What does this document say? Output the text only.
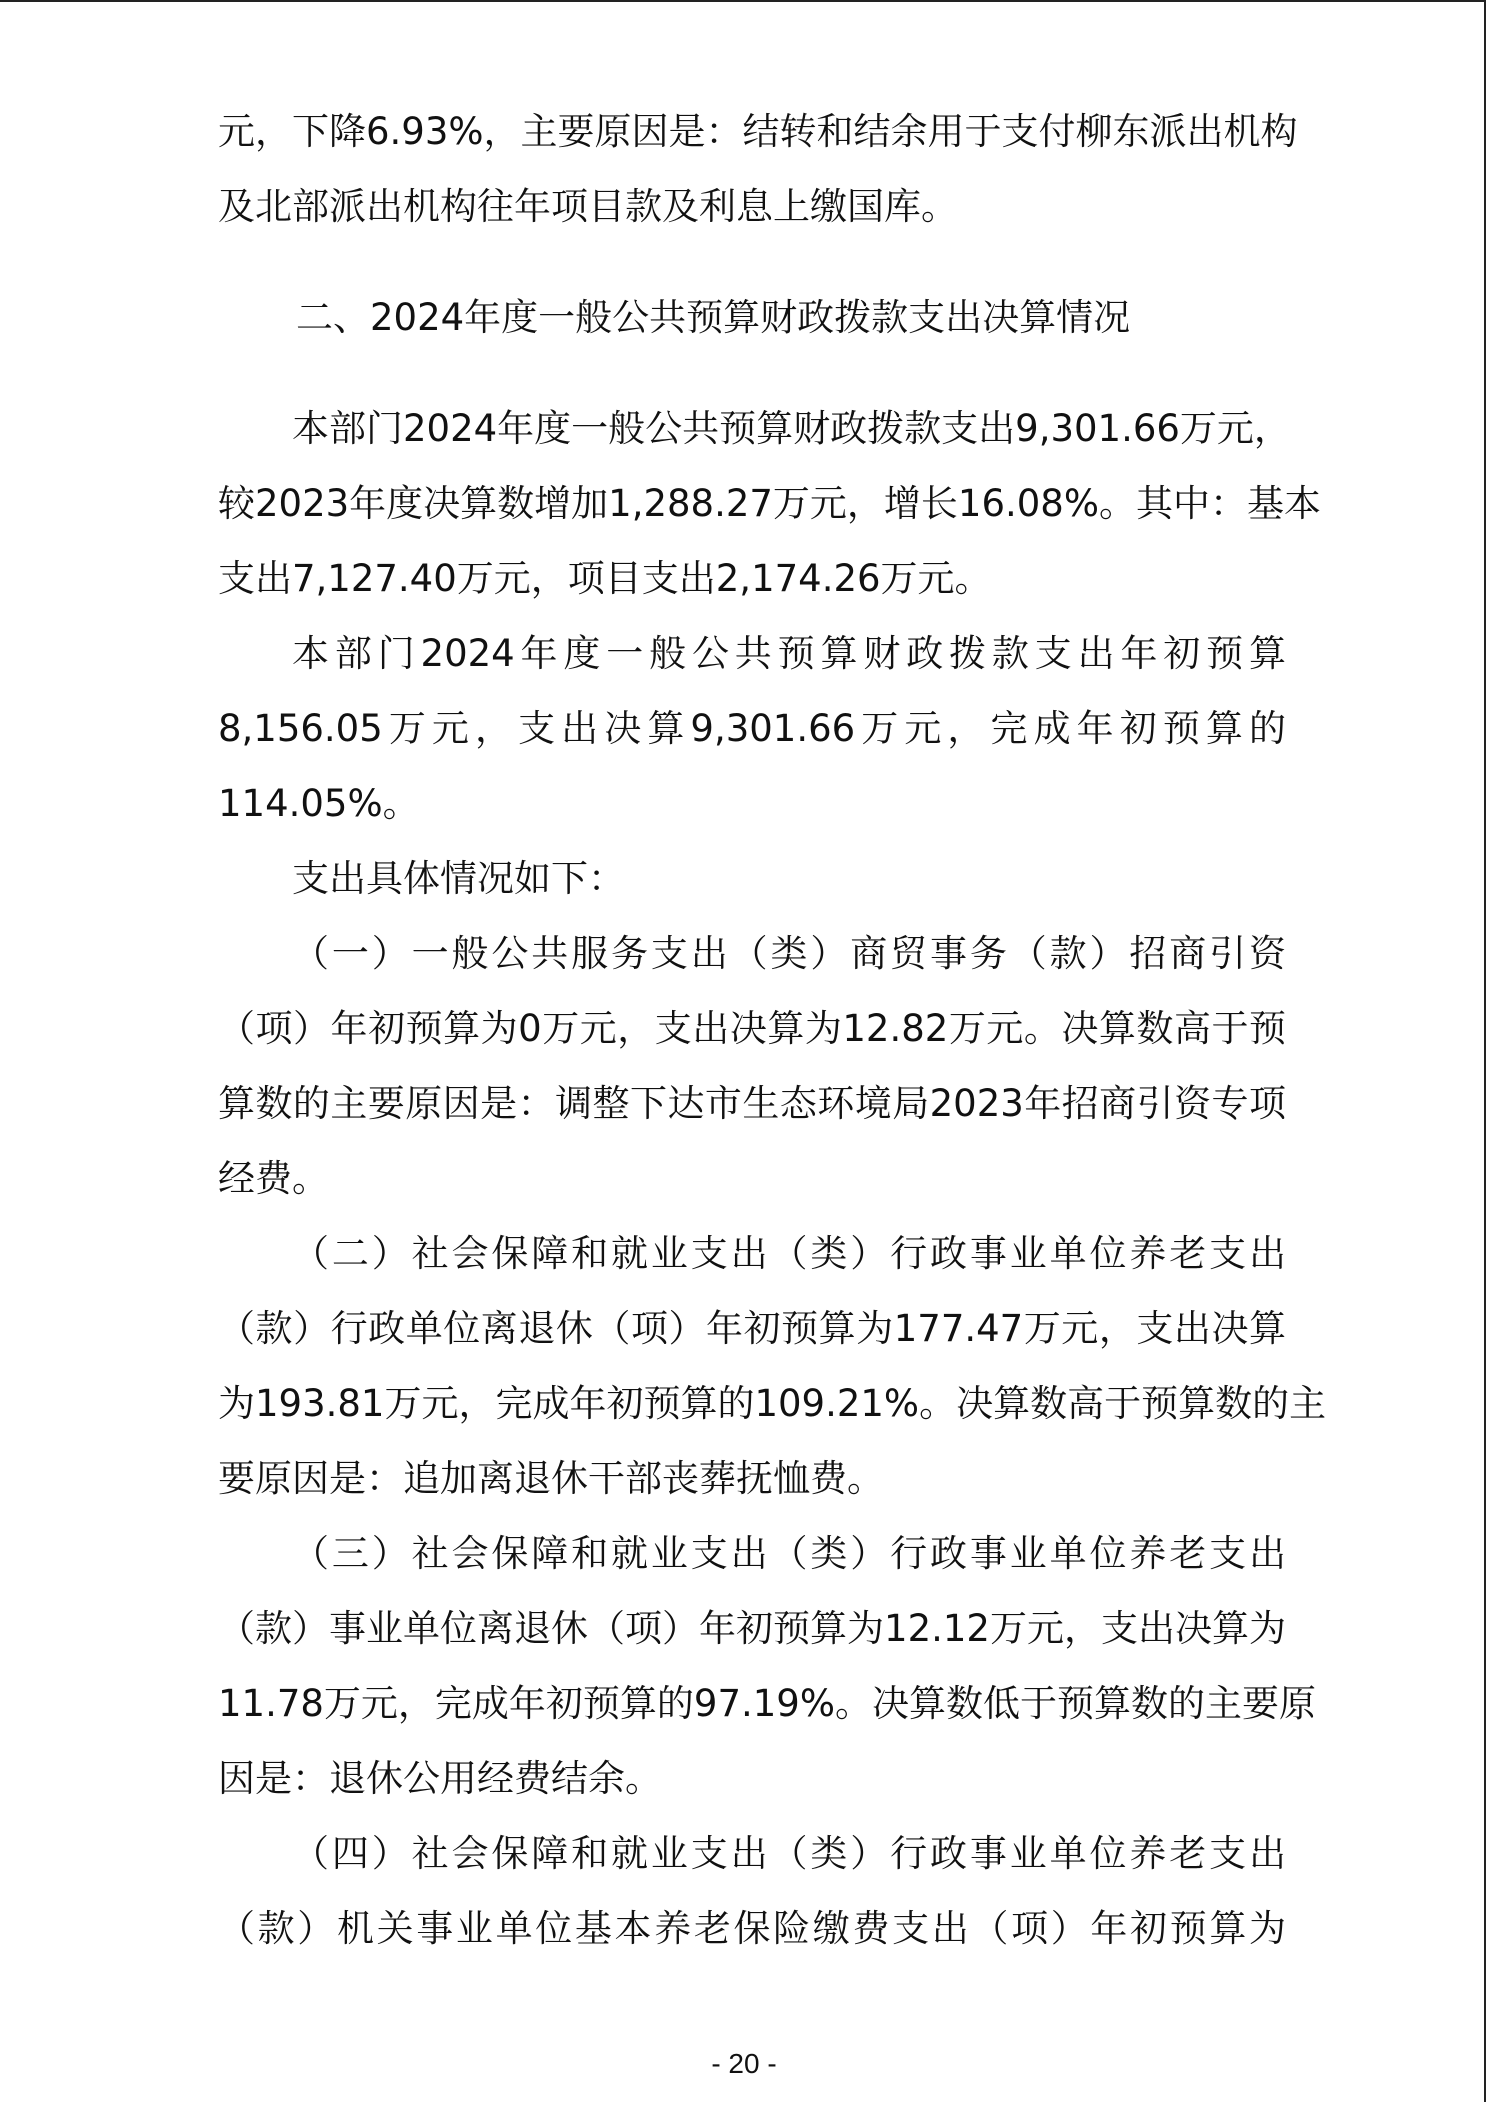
元，下降6.93%，主要原因是：结转和结余用于支付柳东派出机构
及北部派出机构往年项目款及利息上缴国库。
二、2024年度一般公共预算财政拨款支出决算情况
本部门2024年度一般公共预算财政拨款支出9,301.66万元，
较2023年度决算数增加1,288.27万元，增长16.08%。其中：基本
支出7,127.40万元，项目支出2,174.26万元。
本部门2024年度一般公共预算财政拨款支出年初预算
8,156.05万元，支出决算9,301.66万元，完成年初预算的
114.05%。
支出具体情况如下：
（一）一般公共服务支出（类）商贸事务（款）招商引资
（项）年初预算为0万元，支出决算为12.82万元。决算数高于预
算数的主要原因是：调整下达市生态环境局2023年招商引资专项
经费。
（二）社会保障和就业支出（类）行政事业单位养老支出
（款）行政单位离退休（项）年初预算为177.47万元，支出决算
为193.81万元，完成年初预算的109.21%。决算数高于预算数的主
要原因是：追加离退休干部丧葬抚恤费。
（三）社会保障和就业支出（类）行政事业单位养老支出
（款）事业单位离退休（项）年初预算为12.12万元，支出决算为
11.78万元，完成年初预算的97.19%。决算数低于预算数的主要原
因是：退休公用经费结余。
（四）社会保障和就业支出（类）行政事业单位养老支出
（款）机关事业单位基本养老保险缴费支出（项）年初预算为
- 20 -
